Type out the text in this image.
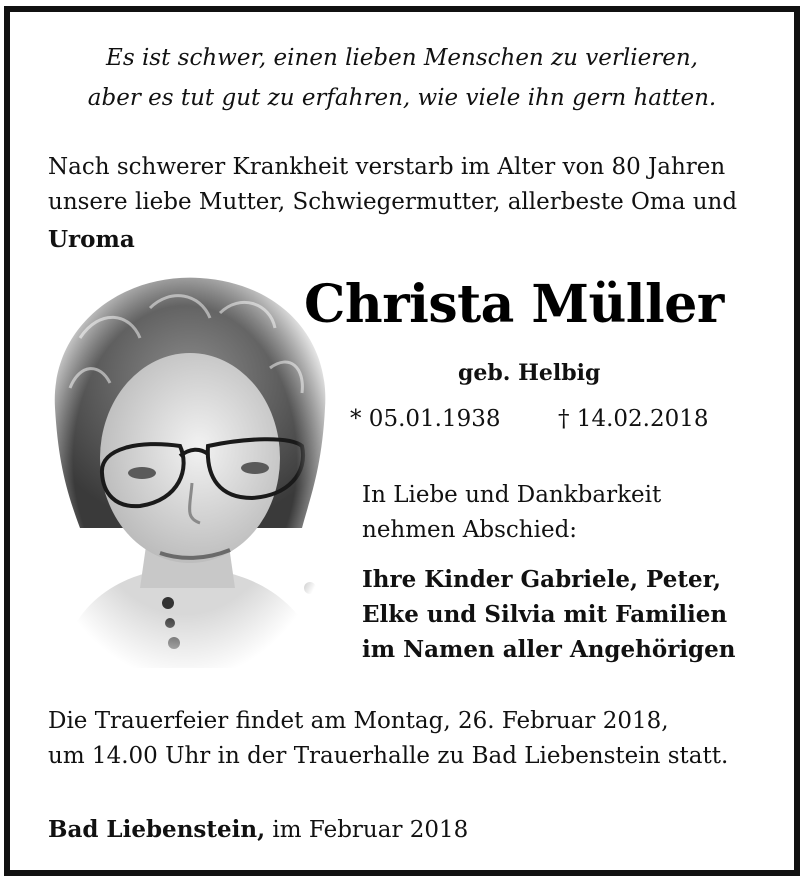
Es ist schwer, einen lieben Menschen zu verlieren,
aber es tut gut zu erfahren, wie viele ihn gern hatten.
Nach schwerer Krankheit verstarb im Alter von 80 Jahren
unsere liebe Mutter, Schwiegermutter, allerbeste Oma und
Uroma
Christa Müller
geb. Helbig
* 05.01.1938	† 14.02.2018
In Liebe und Dankbarkeit
nehmen Abschied:
Ihre Kinder Gabriele, Peter,
Elke und Silvia mit Familien
im Namen aller Angehörigen
Die Trauerfeier findet am Montag, 26. Februar 2018,
um 14.00 Uhr in der Trauerhalle zu Bad Liebenstein statt.
Bad Liebenstein, im Februar 2018
